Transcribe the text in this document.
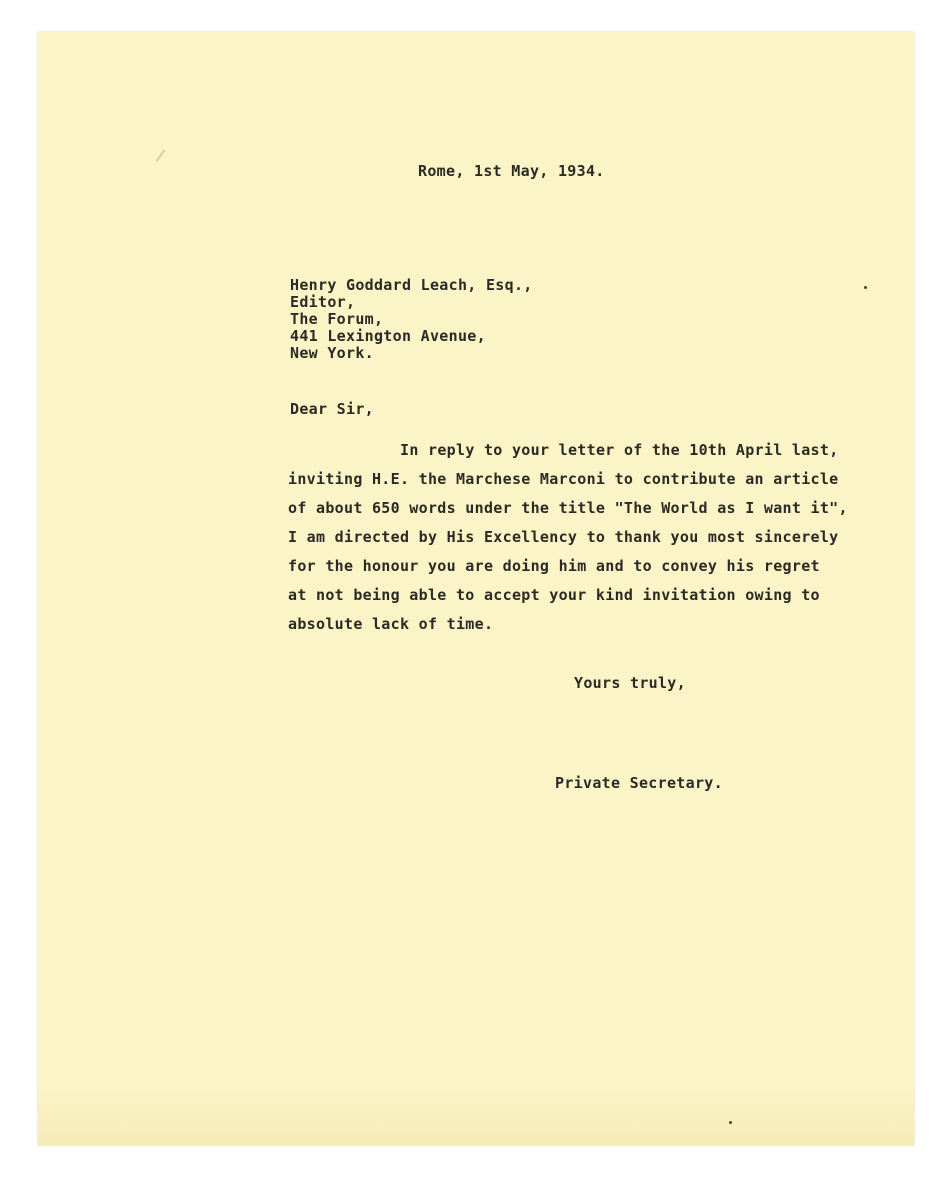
Rome, 1st May, 1934.

Henry Goddard Leach, Esq.,

Editor,

The Forum,

441 Lexington Avenue,

New York.

Dear Sir,

In reply to your letter of the 10th April last,

inviting H.E. the Marchese Marconi to contribute an article

of about 650 words under the title "The World as I want it",

I am directed by His Excellency to thank you most sincerely

for the honour you are doing him and to convey his regret

at not being able to accept your kind invitation owing to

absolute lack of time.

Yours truly,
Private Secretary.
